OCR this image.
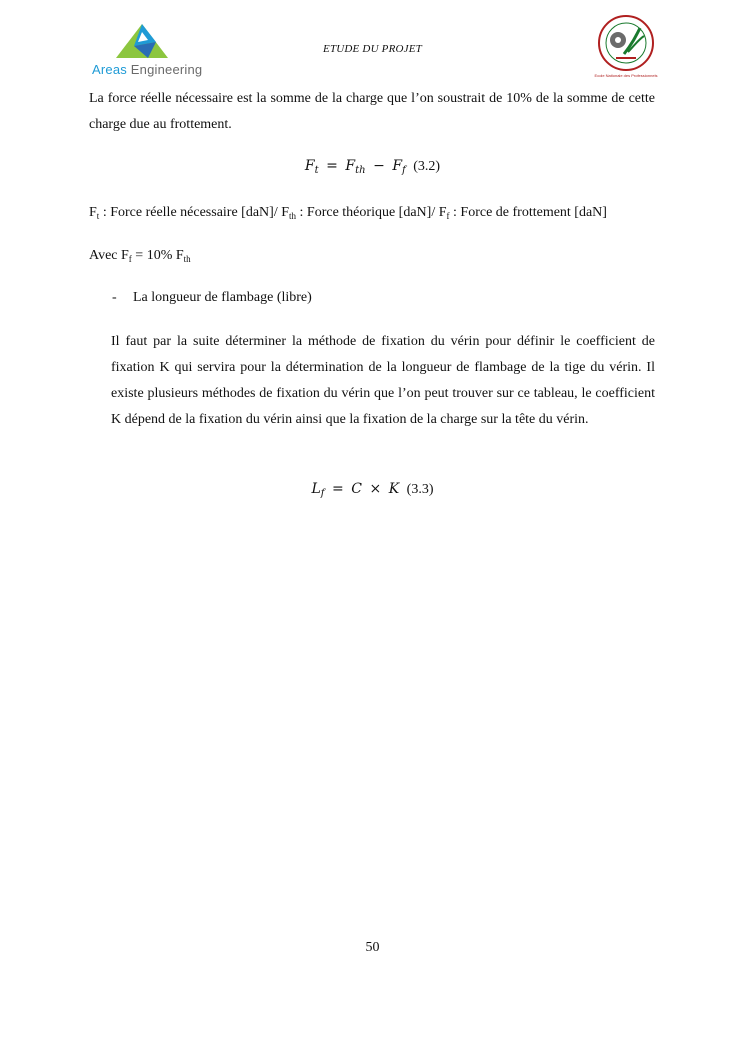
Areas Engineering
ETUDE DU PROJET
Ecole Nationale des Professionnels

La force réelle nécessaire est la somme de la charge que l’on soustrait de 10% de la somme de cette charge due au frottement.

$F_t = F_{th} - F_f$ (3.2)
$F_t$ : Force réelle nécessaire [daN]/ $F_{th}$ : Force théorique [daN]/ $F_f$ : Force de frottement [daN]
Avec $F_f = 10\%$ $F_{th}$
- La longueur de flambage (libre)

Il faut par la suite déterminer la méthode de fixation du vérin pour définir le coefficient de fixation K qui servira pour la détermination de la longueur de flambage de la tige du vérin. Il existe plusieurs méthodes de fixation du vérin que l’on peut trouver sur ce tableau, le coefficient K dépend de la fixation du vérin ainsi que la fixation de la charge sur la tête du vérin.

$L_f = C \times K$ (3.3)
50
